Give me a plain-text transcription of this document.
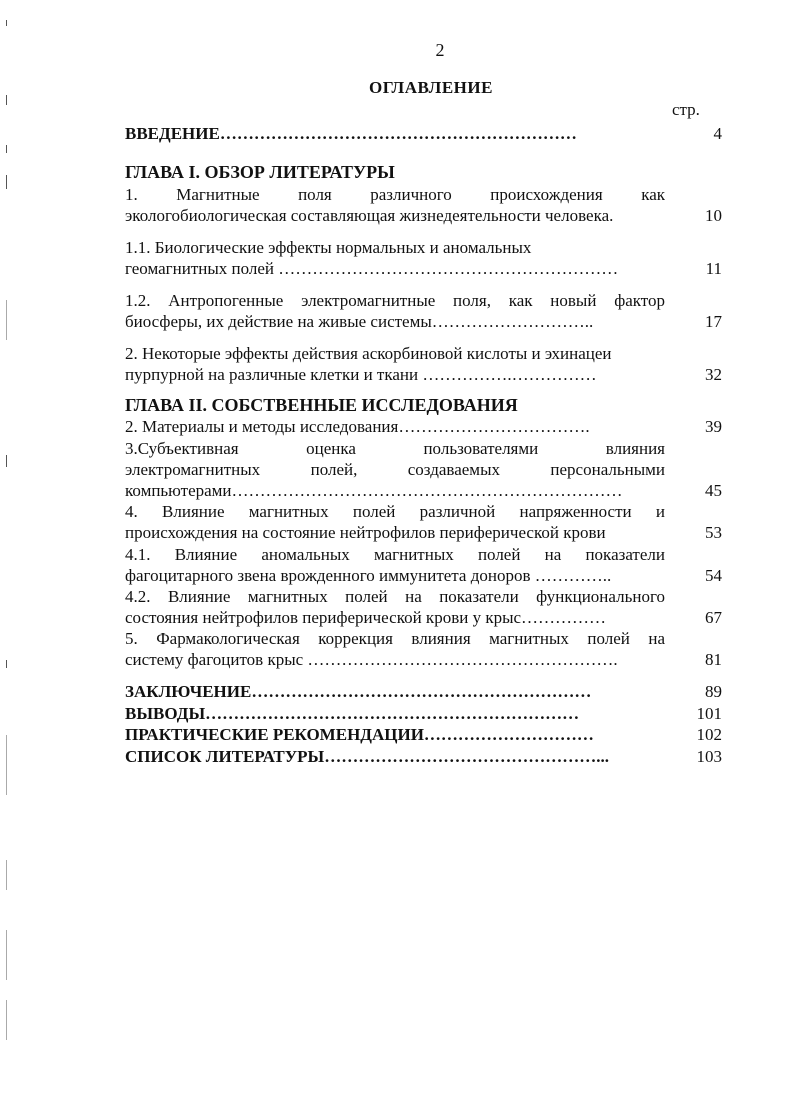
2
ОГЛАВЛЕНИЕ
стр.
ВВЕДЕНИЕ………………………………………………………	4
ГЛАВА I. ОБЗОР ЛИТЕРАТУРЫ
1. Магнитные поля различного происхождения как
экологобиологическая составляющая жизнедеятельности человека.	10
1.1. Биологические эффекты нормальных и аномальных
геомагнитных полей ……………………………………………………	11
1.2. Антропогенные электромагнитные поля, как новый фактор
биосферы, их действие на живые системы………………………..	17
2. Некоторые эффекты действия аскорбиновой кислоты и эхинацеи
пурпурной на различные клетки и ткани …………….……………	32
ГЛАВА II. СОБСТВЕННЫЕ ИССЛЕДОВАНИЯ
2. Материалы и методы исследования…………………………….	39
3.Субъективная оценка пользователями влияния
электромагнитных полей, создаваемых персональными
компьютерами……………………………………………………………	45
4. Влияние магнитных полей различной напряженности и
происхождения на состояние нейтрофилов периферической крови	53
4.1. Влияние аномальных магнитных полей на показатели
фагоцитарного звена врожденного иммунитета доноров …………..	54
4.2. Влияние магнитных полей на показатели функционального
состояния нейтрофилов периферической крови у крыс……………	67
5. Фармакологическая коррекция влияния магнитных полей на
систему фагоцитов крыс ……………………………………………….	81
ЗАКЛЮЧЕНИЕ……………………………………………………	89
ВЫВОДЫ…………………………………………………………	101
ПРАКТИЧЕСКИЕ РЕКОМЕНДАЦИИ…………………………	102
СПИСОК ЛИТЕРАТУРЫ…………………………………………...	103
